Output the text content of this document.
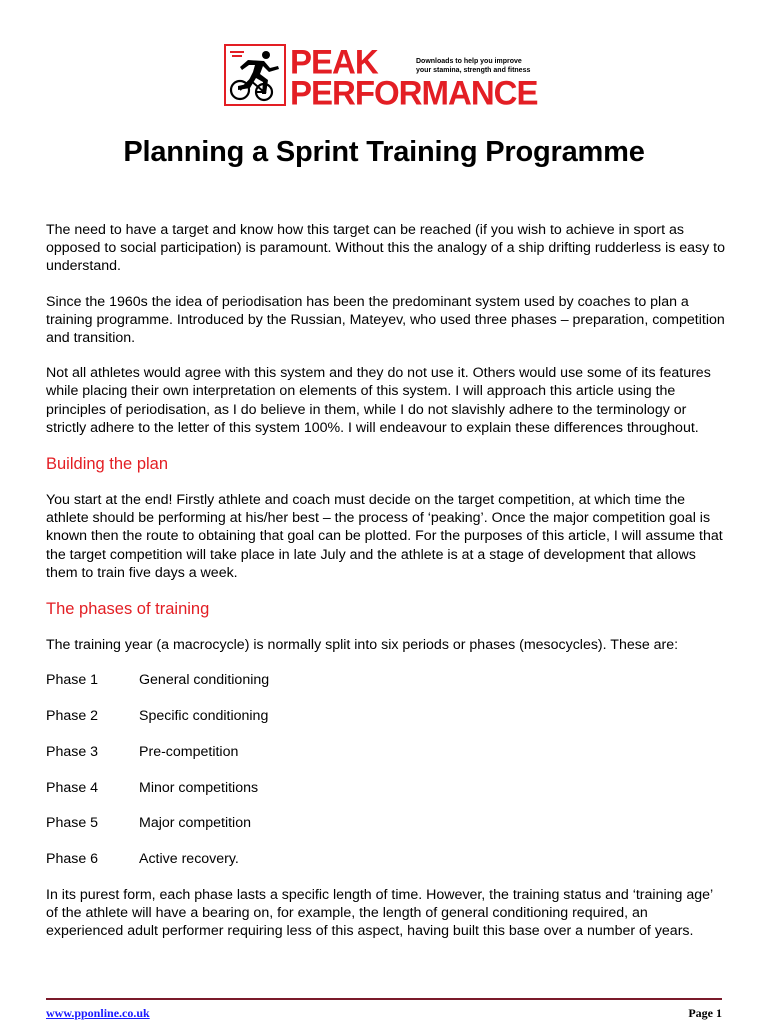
PEAK
PERFORMANCE
Downloads to help you improve
your stamina, strength and fitness
Planning a Sprint Training Programme

The need to have a target and know how this target can be reached (if you wish to achieve in sport as opposed to social participation) is paramount. Without this the analogy of a ship drifting rudderless is easy to understand.

Since the 1960s the idea of periodisation has been the predominant system used by coaches to plan a training programme. Introduced by the Russian, Mateyev, who used three phases – preparation, competition and transition.

Not all athletes would agree with this system and they do not use it. Others would use some of its features while placing their own interpretation on elements of this system. I will approach this article using the principles of periodisation, as I do believe in them, while I do not slavishly adhere to the terminology or strictly adhere to the letter of this system 100%. I will endeavour to explain these differences throughout.

Building the plan

You start at the end! Firstly athlete and coach must decide on the target competition, at which time the athlete should be performing at his/her best – the process of ‘peaking’. Once the major competition goal is known then the route to obtaining that goal can be plotted. For the purposes of this article, I will assume that the target competition will take place in late July and the athlete is at a stage of development that allows them to train five days a week.

The phases of training

The training year (a macrocycle) is normally split into six periods or phases (mesocycles). These are:

Phase 1	General conditioning
Phase 2	Specific conditioning
Phase 3	Pre-competition
Phase 4	Minor competitions
Phase 5	Major competition
Phase 6	Active recovery.

In its purest form, each phase lasts a specific length of time. However, the training status and ‘training age’ of the athlete will have a bearing on, for example, the length of general conditioning required, an experienced adult performer requiring less of this aspect, having built this base over a number of years.

www.pponline.co.uk	Page 1
